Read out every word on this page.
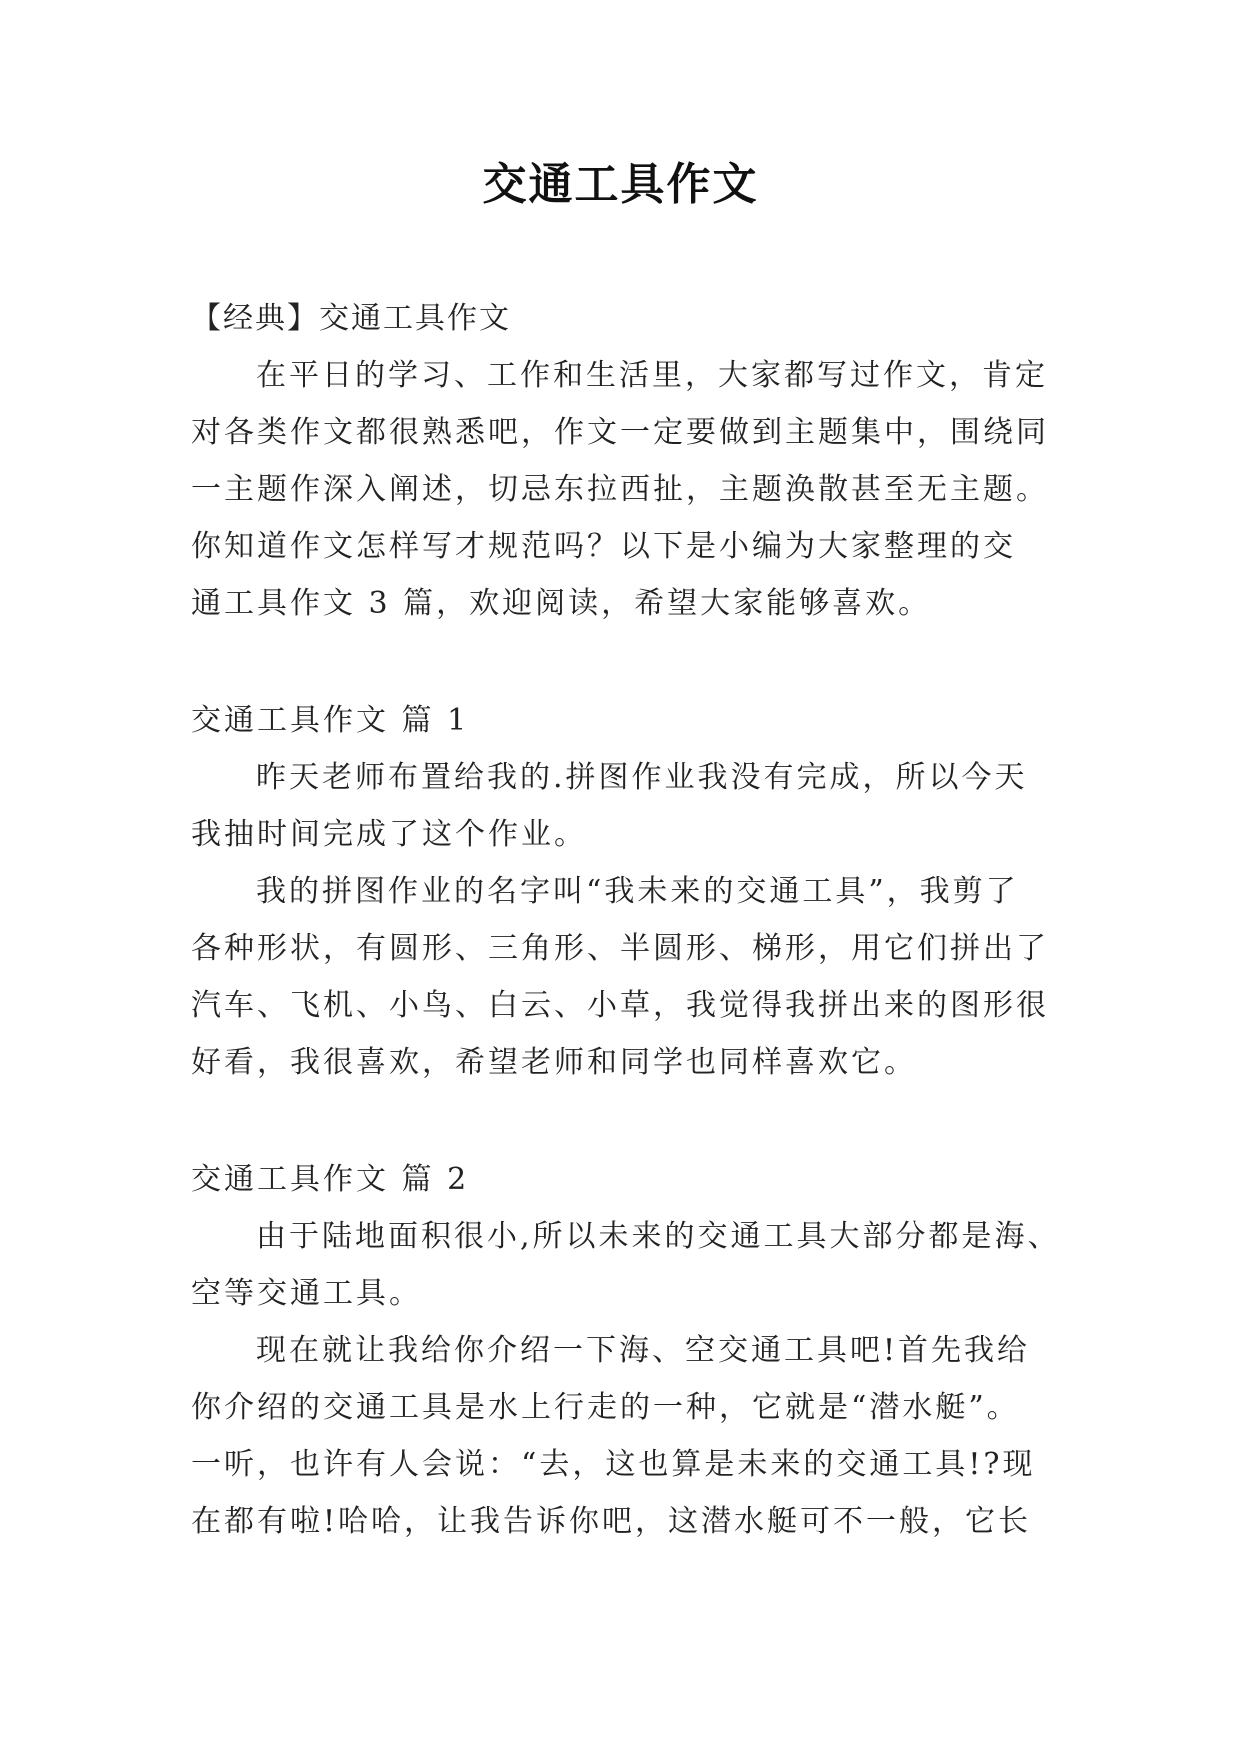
交通工具作文
【经典】交通工具作文
在平日的学习、工作和生活里，大家都写过作文，肯定
对各类作文都很熟悉吧，作文一定要做到主题集中，围绕同
一主题作深入阐述，切忌东拉西扯，主题涣散甚至无主题。
你知道作文怎样写才规范吗？以下是小编为大家整理的交
通工具作文 3 篇，欢迎阅读，希望大家能够喜欢。
交通工具作文 篇 1
昨天老师布置给我的.拼图作业我没有完成，所以今天
我抽时间完成了这个作业。
我的拼图作业的名字叫“我未来的交通工具”，我剪了
各种形状，有圆形、三角形、半圆形、梯形，用它们拼出了
汽车、飞机、小鸟、白云、小草，我觉得我拼出来的图形很
好看，我很喜欢，希望老师和同学也同样喜欢它。
交通工具作文 篇 2
由于陆地面积很小,所以未来的交通工具大部分都是海、
空等交通工具。
现在就让我给你介绍一下海、空交通工具吧!首先我给
你介绍的交通工具是水上行走的一种，它就是“潜水艇”。
一听，也许有人会说：“去，这也算是未来的交通工具!?现
在都有啦!哈哈，让我告诉你吧，这潜水艇可不一般，它长
